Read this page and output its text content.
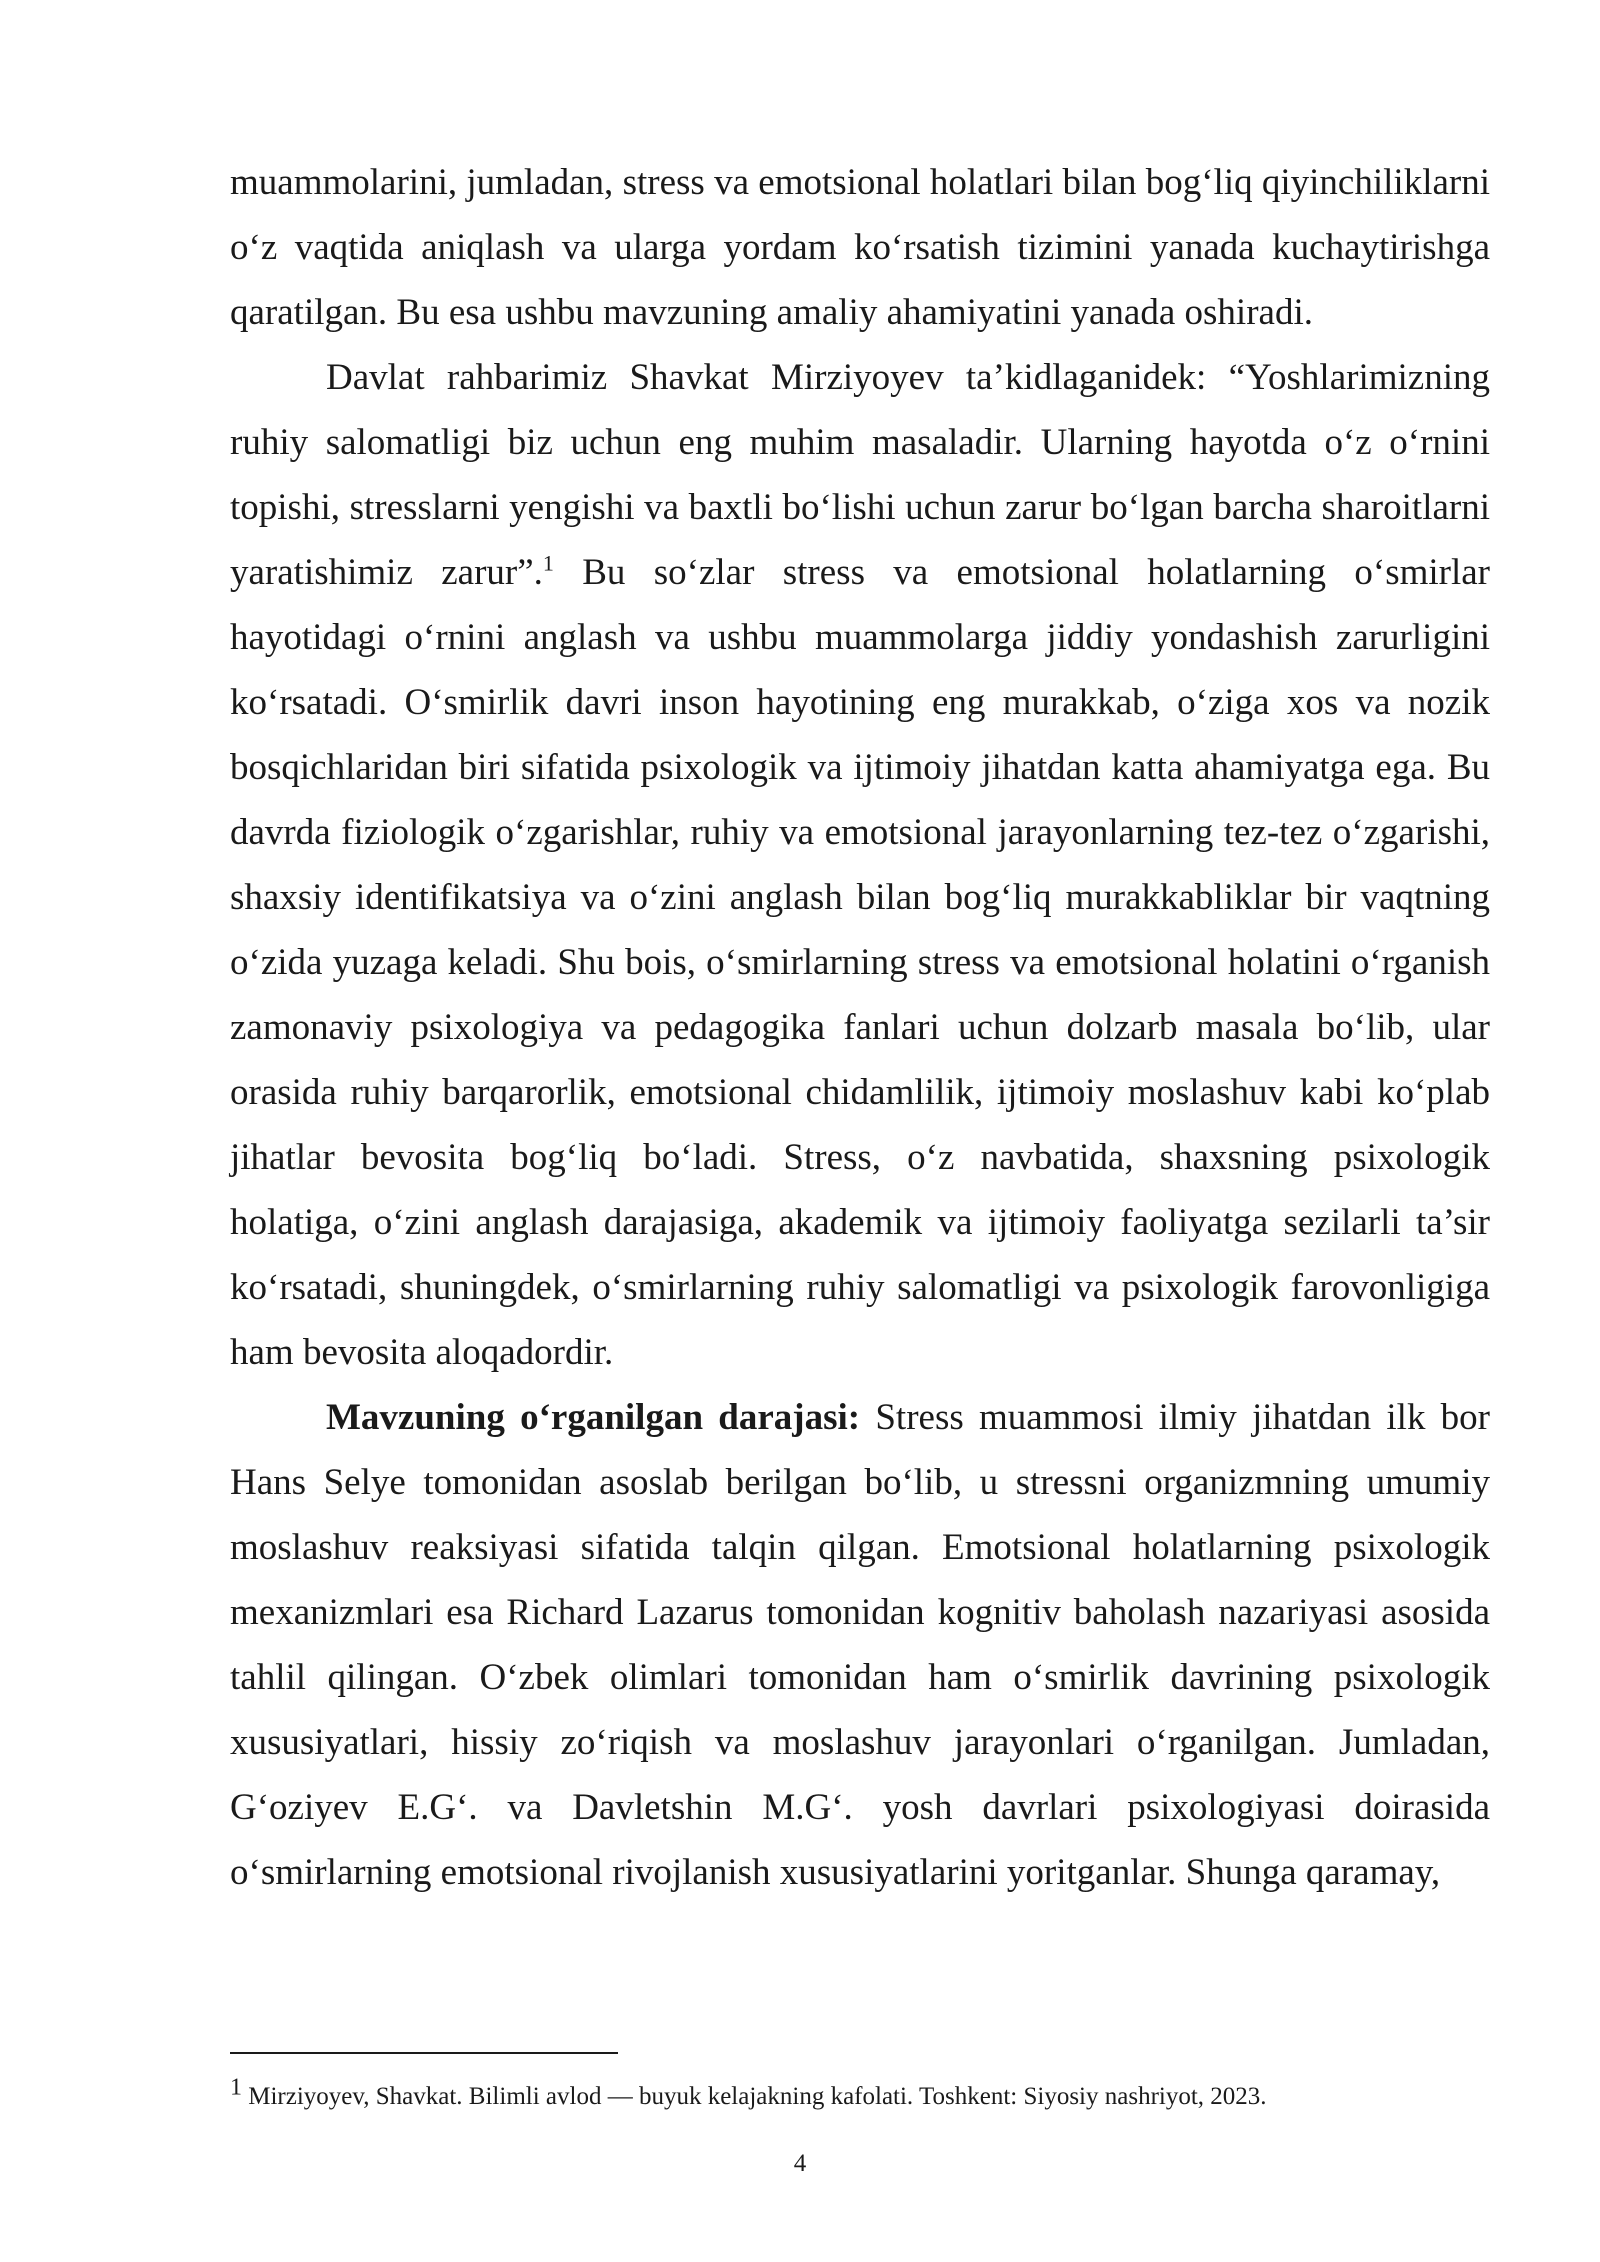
muammolarini, jumladan, stress va emotsional holatlari bilan bog‘liq qiyinchiliklarni o‘z vaqtida aniqlash va ularga yordam ko‘rsatish tizimini yanada kuchaytirishga qaratilgan. Bu esa ushbu mavzuning amaliy ahamiyatini yanada oshiradi.

Davlat rahbarimiz Shavkat Mirziyoyev ta’kidlaganidek: “Yoshlarimizning ruhiy salomatligi biz uchun eng muhim masaladir. Ularning hayotda o‘z o‘rnini topishi, stresslarni yengishi va baxtli bo‘lishi uchun zarur bo‘lgan barcha sharoitlarni yaratishimiz zarur”.$^1$ Bu so‘zlar stress va emotsional holatlarning o‘smirlar hayotidagi o‘rnini anglash va ushbu muammolarga jiddiy yondashish zarurligini ko‘rsatadi. O‘smirlik davri inson hayotining eng murakkab, o‘ziga xos va nozik bosqichlaridan biri sifatida psixologik va ijtimoiy jihatdan katta ahamiyatga ega. Bu davrda fiziologik o‘zgarishlar, ruhiy va emotsional jarayonlarning tez-tez o‘zgarishi, shaxsiy identifikatsiya va o‘zini anglash bilan bog‘liq murakkabliklar bir vaqtning o‘zida yuzaga keladi. Shu bois, o‘smirlarning stress va emotsional holatini o‘rganish zamonaviy psixologiya va pedagogika fanlari uchun dolzarb masala bo‘lib, ular orasida ruhiy barqarorlik, emotsional chidamlilik, ijtimoiy moslashuv kabi ko‘plab jihatlar bevosita bog‘liq bo‘ladi. Stress, o‘z navbatida, shaxsning psixologik holatiga, o‘zini anglash darajasiga, akademik va ijtimoiy faoliyatga sezilarli ta’sir ko‘rsatadi, shuningdek, o‘smirlarning ruhiy salomatligi va psixologik farovonligiga ham bevosita aloqadordir.

Mavzuning o‘rganilgan darajasi: Stress muammosi ilmiy jihatdan ilk bor Hans Selye tomonidan asoslab berilgan bo‘lib, u stressni organizmning umumiy moslashuv reaksiyasi sifatida talqin qilgan. Emotsional holatlarning psixologik mexanizmlari esa Richard Lazarus tomonidan kognitiv baholash nazariyasi asosida tahlil qilingan. O‘zbek olimlari tomonidan ham o‘smirlik davrining psixologik xususiyatlari, hissiy zo‘riqish va moslashuv jarayonlari o‘rganilgan. Jumladan, G‘oziyev E.G‘. va Davletshin M.G‘. yosh davrlari psixologiyasi doirasida o‘smirlarning emotsional rivojlanish xususiyatlarini yoritganlar. Shunga qaramay,

$^1$ Mirziyoyev, Shavkat. Bilimli avlod — buyuk kelajakning kafolati. Toshkent: Siyosiy nashriyot, 2023.
4
